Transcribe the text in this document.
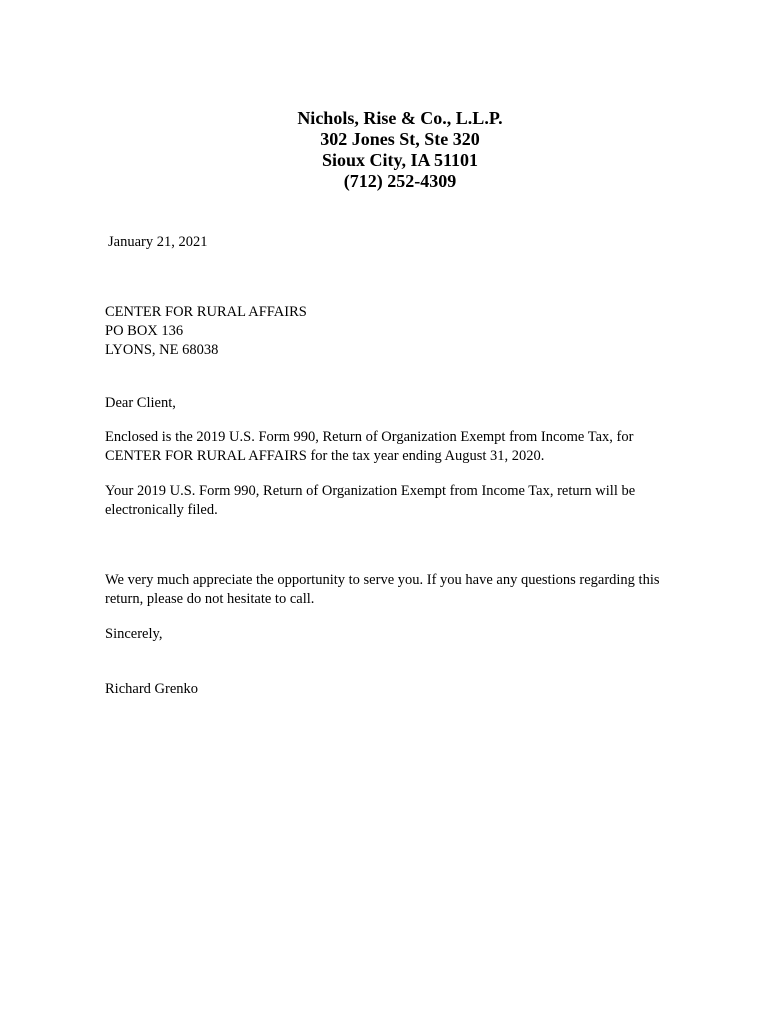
Nichols, Rise & Co., L.L.P.
302 Jones St, Ste 320
Sioux City, IA 51101
(712) 252-4309
January 21, 2021
CENTER FOR RURAL AFFAIRS
PO BOX 136
LYONS, NE 68038
Dear Client,
Enclosed is the 2019 U.S. Form 990, Return of Organization Exempt from Income Tax, for
CENTER FOR RURAL AFFAIRS for the tax year ending August 31, 2020.
Your 2019 U.S. Form 990, Return of Organization Exempt from Income Tax, return will be
electronically filed.
We very much appreciate the opportunity to serve you. If you have any questions regarding this
return, please do not hesitate to call.
Sincerely,
Richard Grenko
